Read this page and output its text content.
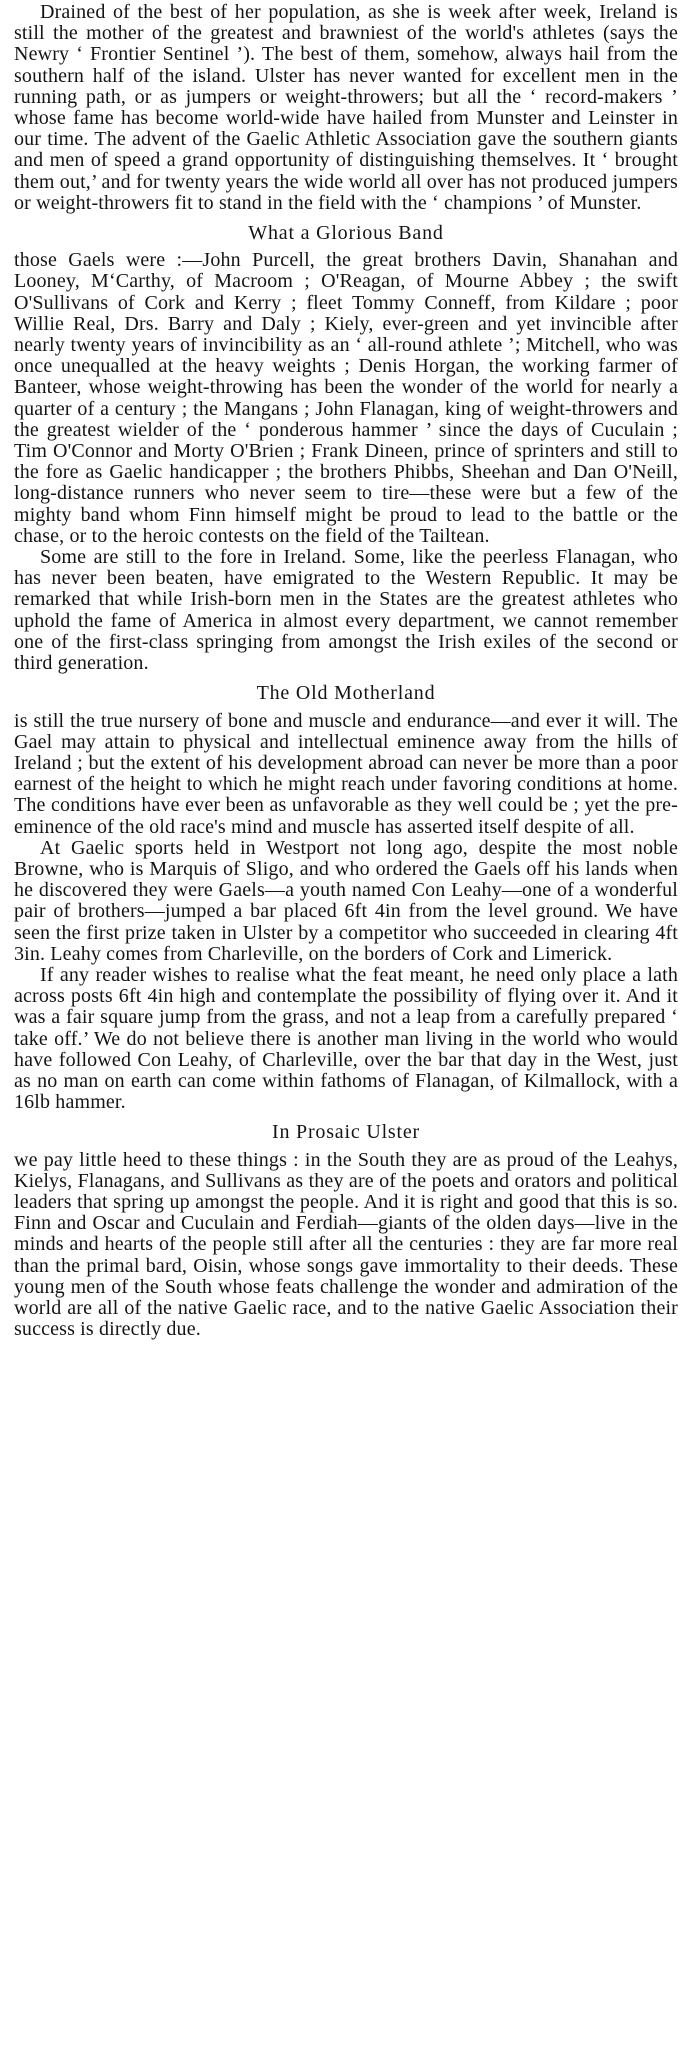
Drained of the best of her population, as she is week after week, Ireland is still the mother of the greatest and brawniest of the world's athletes (says the Newry ‘ Frontier Sentinel ’). The best of them, somehow, always hail from the southern half of the island. Ulster has never wanted for excellent men in the running path, or as jumpers or weight-throwers; but all the ‘ record-makers ’ whose fame has become world-wide have hailed from Munster and Leinster in our time. The advent of the Gaelic Athletic Association gave the southern giants and men of speed a grand opportunity of distinguishing themselves. It ‘ brought them out,’ and for twenty years the wide world all over has not produced jumpers or weight-throwers fit to stand in the field with the ‘ champions ’ of Munster.

What a Glorious Band

those Gaels were :—John Purcell, the great brothers Davin, Shanahan and Looney, M‘Carthy, of Macroom ; O'Reagan, of Mourne Abbey ; the swift O'Sullivans of Cork and Kerry ; fleet Tommy Conneff, from Kildare ; poor Willie Real, Drs. Barry and Daly ; Kiely, ever-green and yet invincible after nearly twenty years of invincibility as an ‘ all-round athlete ’; Mitchell, who was once unequalled at the heavy weights ; Denis Horgan, the working farmer of Banteer, whose weight-throwing has been the wonder of the world for nearly a quarter of a century ; the Mangans ; John Flanagan, king of weight-throwers and the greatest wielder of the ‘ ponderous hammer ’ since the days of Cuculain ; Tim O'Connor and Morty O'Brien ; Frank Dineen, prince of sprinters and still to the fore as Gaelic handicapper ; the brothers Phibbs, Sheehan and Dan O'Neill, long-distance runners who never seem to tire—these were but a few of the mighty band whom Finn himself might be proud to lead to the battle or the chase, or to the heroic contests on the field of the Tailtean.

Some are still to the fore in Ireland. Some, like the peerless Flanagan, who has never been beaten, have emigrated to the Western Republic. It may be remarked that while Irish-born men in the States are the greatest athletes who uphold the fame of America in almost every department, we cannot remember one of the first-class springing from amongst the Irish exiles of the second or third generation.

The Old Motherland

is still the true nursery of bone and muscle and endurance—and ever it will. The Gael may attain to physical and intellectual eminence away from the hills of Ireland ; but the extent of his development abroad can never be more than a poor earnest of the height to which he might reach under favoring conditions at home. The conditions have ever been as unfavorable as they well could be ; yet the pre-eminence of the old race's mind and muscle has asserted itself despite of all.

At Gaelic sports held in Westport not long ago, despite the most noble Browne, who is Marquis of Sligo, and who ordered the Gaels off his lands when he discovered they were Gaels—a youth named Con Leahy—one of a wonderful pair of brothers—jumped a bar placed 6ft 4in from the level ground. We have seen the first prize taken in Ulster by a competitor who succeeded in clearing 4ft 3in. Leahy comes from Charleville, on the borders of Cork and Limerick.

If any reader wishes to realise what the feat meant, he need only place a lath across posts 6ft 4in high and contemplate the possibility of flying over it. And it was a fair square jump from the grass, and not a leap from a carefully prepared ‘ take off.’ We do not believe there is another man living in the world who would have followed Con Leahy, of Charleville, over the bar that day in the West, just as no man on earth can come within fathoms of Flanagan, of Kilmallock, with a 16lb hammer.

In Prosaic Ulster

we pay little heed to these things : in the South they are as proud of the Leahys, Kielys, Flanagans, and Sullivans as they are of the poets and orators and political leaders that spring up amongst the people. And it is right and good that this is so. Finn and Oscar and Cuculain and Ferdiah—giants of the olden days—live in the minds and hearts of the people still after all the centuries : they are far more real than the primal bard, Oisin, whose songs gave immortality to their deeds. These young men of the South whose feats challenge the wonder and admiration of the world are all of the native Gaelic race, and to the native Gaelic Association their success is directly due.
